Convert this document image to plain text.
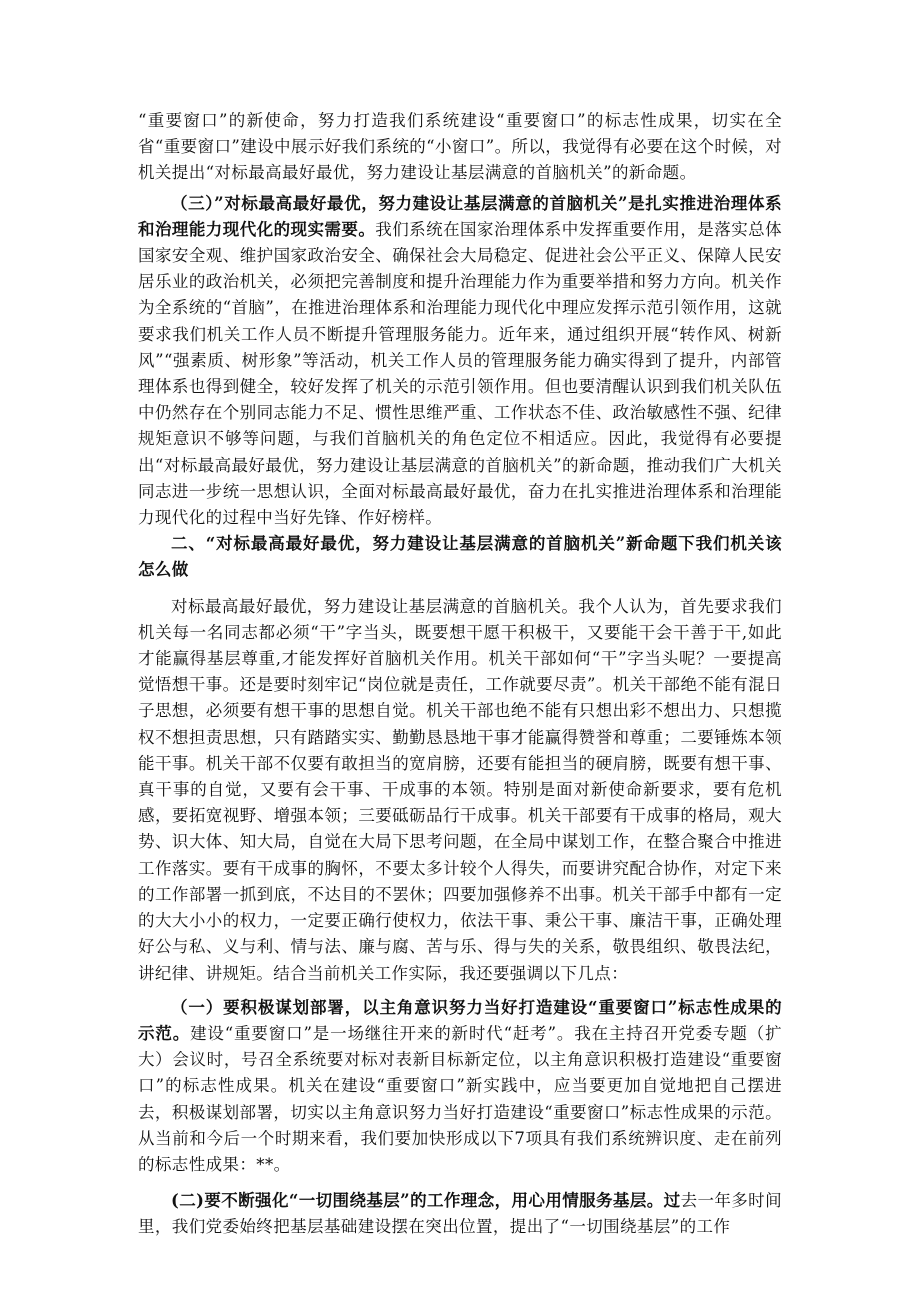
“重要窗口”的新使命，努力打造我们系统建设“重要窗口”的标志性成果，切实在全省“重要窗口”建设中展示好我们系统的“小窗口”。所以，我觉得有必要在这个时候，对机关提出“对标最高最好最优，努力建设让基层满意的首脑机关”的新命题。

（三）”对标最高最好最优，努力建设让基层满意的首脑机关”是扎实推进治理体系和治理能力现代化的现实需要。我们系统在国家治理体系中发挥重要作用，是落实总体国家安全观、维护国家政治安全、确保社会大局稳定、促进社会公平正义、保障人民安居乐业的政治机关，必须把完善制度和提升治理能力作为重要举措和努力方向。机关作为全系统的“首脑”，在推进治理体系和治理能力现代化中理应发挥示范引领作用，这就要求我们机关工作人员不断提升管理服务能力。近年来，通过组织开展“转作风、树新风”“强素质、树形象”等活动，机关工作人员的管理服务能力确实得到了提升，内部管理体系也得到健全，较好发挥了机关的示范引领作用。但也要清醒认识到我们机关队伍中仍然存在个别同志能力不足、惯性思维严重、工作状态不佳、政治敏感性不强、纪律规矩意识不够等问题，与我们首脑机关的角色定位不相适应。因此，我觉得有必要提出“对标最高最好最优，努力建设让基层满意的首脑机关”的新命题，推动我们广大机关同志进一步统一思想认识，全面对标最高最好最优，奋力在扎实推进治理体系和治理能力现代化的过程中当好先锋、作好榜样。

二、“对标最高最好最优，努力建设让基层满意的首脑机关”新命题下我们机关该怎么做

对标最高最好最优，努力建设让基层满意的首脑机关。我个人认为，首先要求我们机关每一名同志都必须“干”字当头，既要想干愿干积极干，又要能干会干善于干,如此才能赢得基层尊重,才能发挥好首脑机关作用。机关干部如何“干”字当头呢？一要提高觉悟想干事。还是要时刻牢记“岗位就是责任，工作就要尽责”。机关干部绝不能有混日子思想，必须要有想干事的思想自觉。机关干部也绝不能有只想出彩不想出力、只想揽权不想担责思想，只有踏踏实实、勤勤恳恳地干事才能赢得赞誉和尊重；二要锤炼本领能干事。机关干部不仅要有敢担当的宽肩膀，还要有能担当的硬肩膀，既要有想干事、真干事的自觉，又要有会干事、干成事的本领。特别是面对新使命新要求，要有危机感，要拓宽视野、增强本领；三要砥砺品行干成事。机关干部要有干成事的格局，观大势、识大体、知大局，自觉在大局下思考问题，在全局中谋划工作，在整合聚合中推进工作落实。要有干成事的胸怀，不要太多计较个人得失，而要讲究配合协作，对定下来的工作部署一抓到底，不达目的不罢休；四要加强修养不出事。机关干部手中都有一定的大大小小的权力，一定要正确行使权力，依法干事、秉公干事、廉洁干事，正确处理好公与私、义与利、情与法、廉与腐、苦与乐、得与失的关系，敬畏组织、敬畏法纪，讲纪律、讲规矩。结合当前机关工作实际，我还要强调以下几点：

（一）要积极谋划部署，以主角意识努力当好打造建设“重要窗口”标志性成果的示范。建设“重要窗口”是一场继往开来的新时代“赶考”。我在主持召开党委专题（扩大）会议时，号召全系统要对标对表新目标新定位，以主角意识积极打造建设“重要窗口”的标志性成果。机关在建设“重要窗口”新实践中，应当要更加自觉地把自己摆进去，积极谋划部署，切实以主角意识努力当好打造建设“重要窗口”标志性成果的示范。从当前和今后一个时期来看，我们要加快形成以下7项具有我们系统辨识度、走在前列的标志性成果：**。

(二)要不断强化“一切围绕基层”的工作理念，用心用情服务基层。过去一年多时间里，我们党委始终把基层基础建设摆在突出位置，提出了“一切围绕基层”的工作
